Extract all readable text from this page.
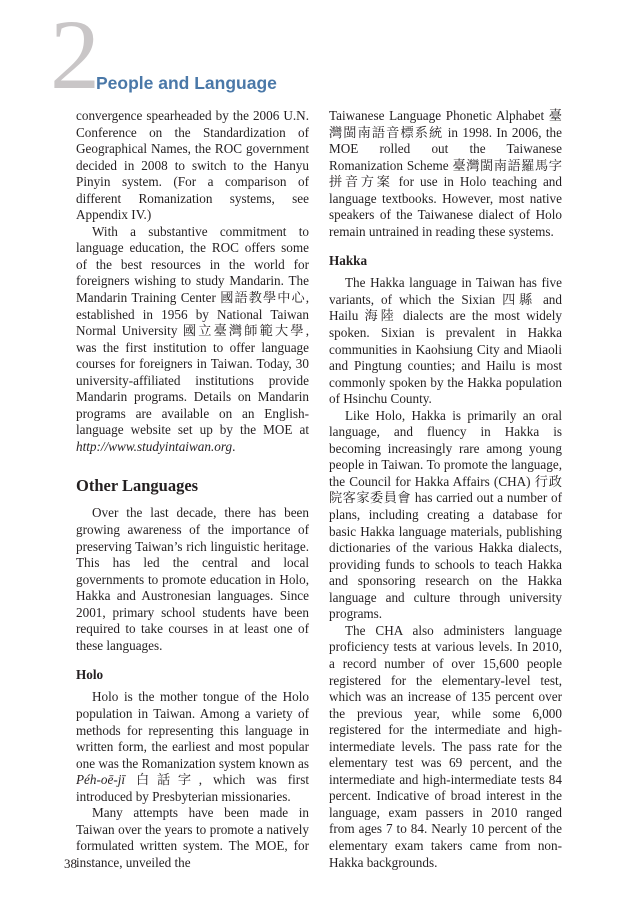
2
People and Language

convergence spearheaded by the 2006 U.N. Conference on the Standardization of Geographical Names, the ROC government decided in 2008 to switch to the Hanyu Pinyin system. (For a comparison of different Romanization systems, see Appendix IV.)

With a substantive commitment to language education, the ROC offers some of the best resources in the world for foreigners wishing to study Mandarin. The Mandarin Training Center 國語教學中心, established in 1956 by National Taiwan Normal University 國立臺灣師範大學, was the first institution to offer language courses for foreigners in Taiwan. Today, 30 university-affiliated institutions provide Mandarin programs. Details on Mandarin programs are available on an English-language website set up by the MOE at http://www.studyintaiwan.org.

Other Languages

Over the last decade, there has been growing awareness of the importance of preserving Taiwan’s rich linguistic heritage. This has led the central and local governments to promote education in Holo, Hakka and Austronesian languages. Since 2001, primary school students have been required to take courses in at least one of these languages.

Holo

Holo is the mother tongue of the Holo population in Taiwan. Among a variety of methods for representing this language in written form, the earliest and most popular one was the Romanization system known as Péh-oē-jī 白話字, which was first introduced by Presbyterian missionaries.

Many attempts have been made in Taiwan over the years to promote a natively formulated written system. The MOE, for instance, unveiled the

Taiwanese Language Phonetic Alphabet 臺灣閩南語音標系統 in 1998. In 2006, the MOE rolled out the Taiwanese Romanization Scheme 臺灣閩南語羅馬字拼音方案 for use in Holo teaching and language textbooks. However, most native speakers of the Taiwanese dialect of Holo remain untrained in reading these systems.

Hakka

The Hakka language in Taiwan has five variants, of which the Sixian 四縣 and Hailu 海陸 dialects are the most widely spoken. Sixian is prevalent in Hakka communities in Kaohsiung City and Miaoli and Pingtung counties; and Hailu is most commonly spoken by the Hakka population of Hsinchu County.

Like Holo, Hakka is primarily an oral language, and fluency in Hakka is becoming increasingly rare among young people in Taiwan. To promote the language, the Council for Hakka Affairs (CHA) 行政院客家委員會 has carried out a number of plans, including creating a database for basic Hakka language materials, publishing dictionaries of the various Hakka dialects, providing funds to schools to teach Hakka and sponsoring research on the Hakka language and culture through university programs.

The CHA also administers language proficiency tests at various levels. In 2010, a record number of over 15,600 people registered for the elementary-level test, which was an increase of 135 percent over the previous year, while some 6,000 registered for the intermediate and high-intermediate levels. The pass rate for the elementary test was 69 percent, and the intermediate and high-intermediate tests 84 percent. Indicative of broad interest in the language, exam passers in 2010 ranged from ages 7 to 84. Nearly 10 percent of the elementary exam takers came from non-Hakka backgrounds.

38
